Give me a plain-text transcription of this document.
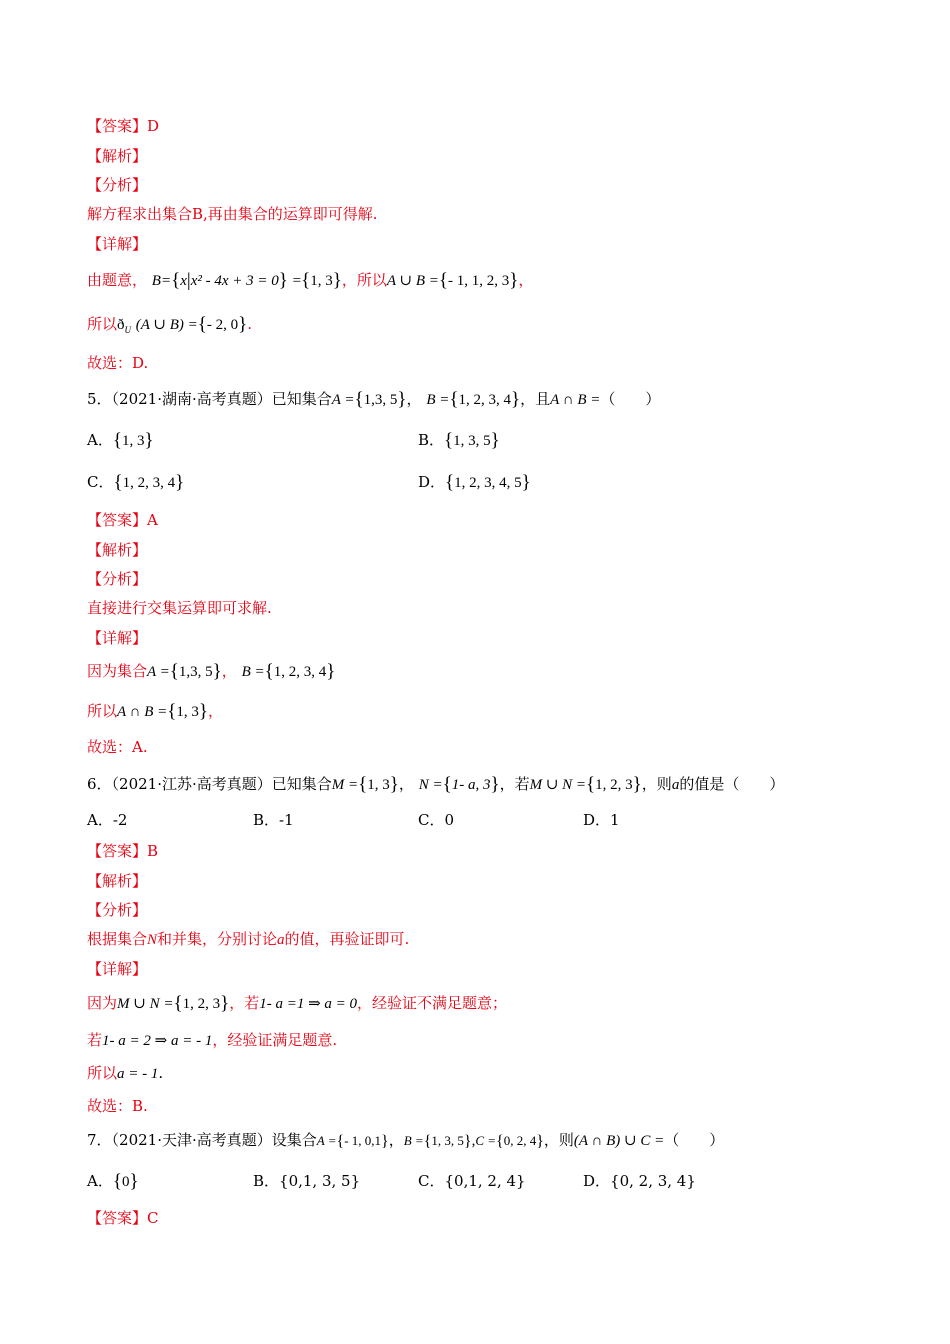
【答案】D
【解析】
【分析】
解方程求出集合B,再由集合的运算即可得解.
【详解】
由题意， B={x|x² - 4x + 3 = 0} ={1, 3}，所以A ∪ B ={- 1, 1, 2, 3}，
所以$ð_U$ (A ∪ B) ={- 2, 0}.
故选：D.
5．（2021·湖南·高考真题）已知集合A ={1,3, 5}， B ={1, 2, 3, 4}，且A ∩ B =（　　）
A．{1, 3}	B．{1, 3, 5}
C．{1, 2, 3, 4}	D．{1, 2, 3, 4, 5}
【答案】A
【解析】
【分析】
直接进行交集运算即可求解.
【详解】
因为集合A ={1,3, 5}， B ={1, 2, 3, 4}
所以A ∩ B ={1, 3}，
故选：A.
6．（2021·江苏·高考真题）已知集合M ={1, 3}， N ={1- a, 3}，若M ∪ N ={1, 2, 3}，则a的值是（　　）
A．-2	B．-1	C．0	D．1
【答案】B
【解析】
【分析】
根据集合N和并集，分别讨论a的值，再验证即可.
【详解】
因为M ∪ N ={1, 2, 3}，若1- a =1 ⇒ a = 0，经验证不满足题意；
若1- a = 2 ⇒ a = - 1，经验证满足题意.
所以a = - 1.
故选：B.
7．（2021·天津·高考真题）设集合A ={- 1, 0,1}，B ={1, 3, 5},C ={0, 2, 4}，则(A ∩ B) ∪ C =（　　）
A．{0}	B．{0,1, 3, 5}	C．{0,1, 2, 4}	D．{0, 2, 3, 4}
【答案】C
